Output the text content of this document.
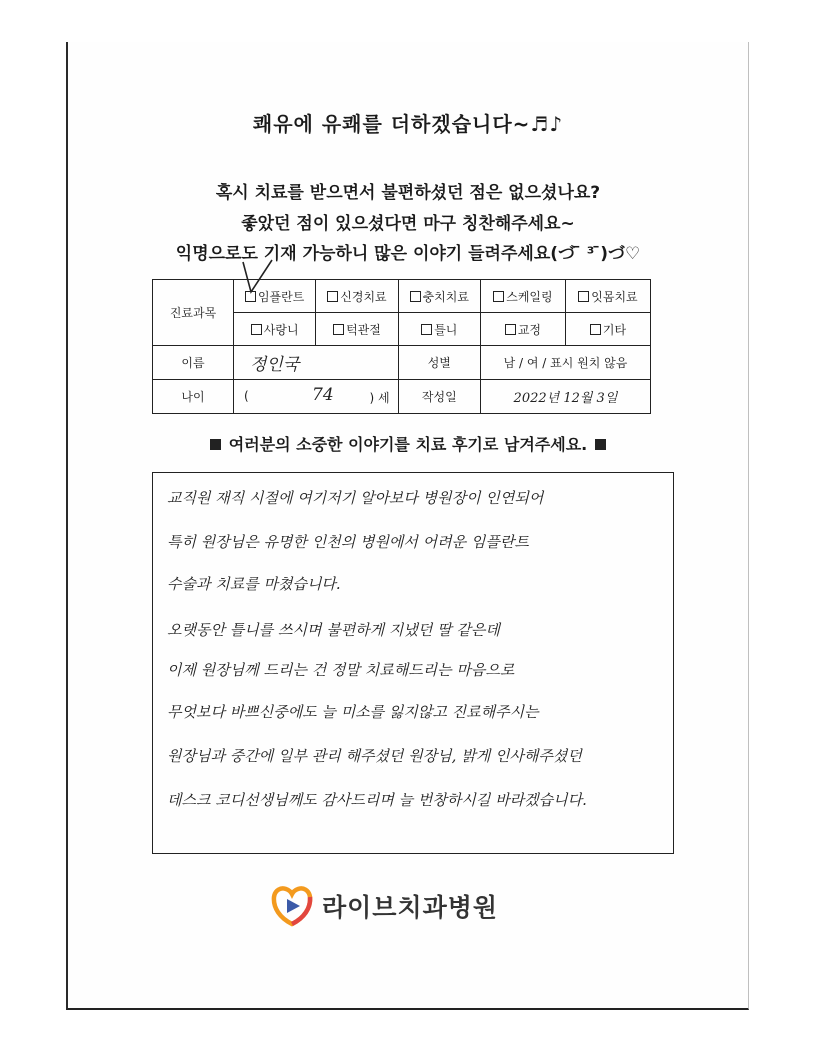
쾌유에 유쾌를 더하겠습니다~♬♪
혹시 치료를 받으면서 불편하셨던 점은 없으셨나요?
좋았던 점이 있으셨다면 마구 칭찬해주세요~
익명으로도 기재 가능하니 많은 이야기 들려주세요(づ ̄ ³ ̄)づ♡
진료과목	임플란트	신경치료	충치치료	스케일링	잇몸치료
	사랑니	턱관절	틀니	교정	기타
이름	정인국		성별	남 / 여 / 표시 원치 않음	
나이	( 74 ) 세		작성일	2022년 12월 3일	
여러분의 소중한 이야기를 치료 후기로 남겨주세요.
교직원 재직 시절에 여기저기 알아보다 병원장이 인연되어
특히 원장님은 유명한 인천의 병원에서 어려운 임플란트
수술과 치료를 마쳤습니다.
오랫동안 틀니를 쓰시며 불편하게 지냈던 딸 같은데
이제 원장님께 드리는 건 정말 치료해드리는 마음으로
무엇보다 바쁘신중에도 늘 미소를 잃지않고 진료해주시는
원장님과 중간에 일부 관리 해주셨던 원장님, 밝게 인사해주셨던
데스크 코디선생님께도 감사드리며 늘 번창하시길 바라겠습니다.
라이브치과병원
